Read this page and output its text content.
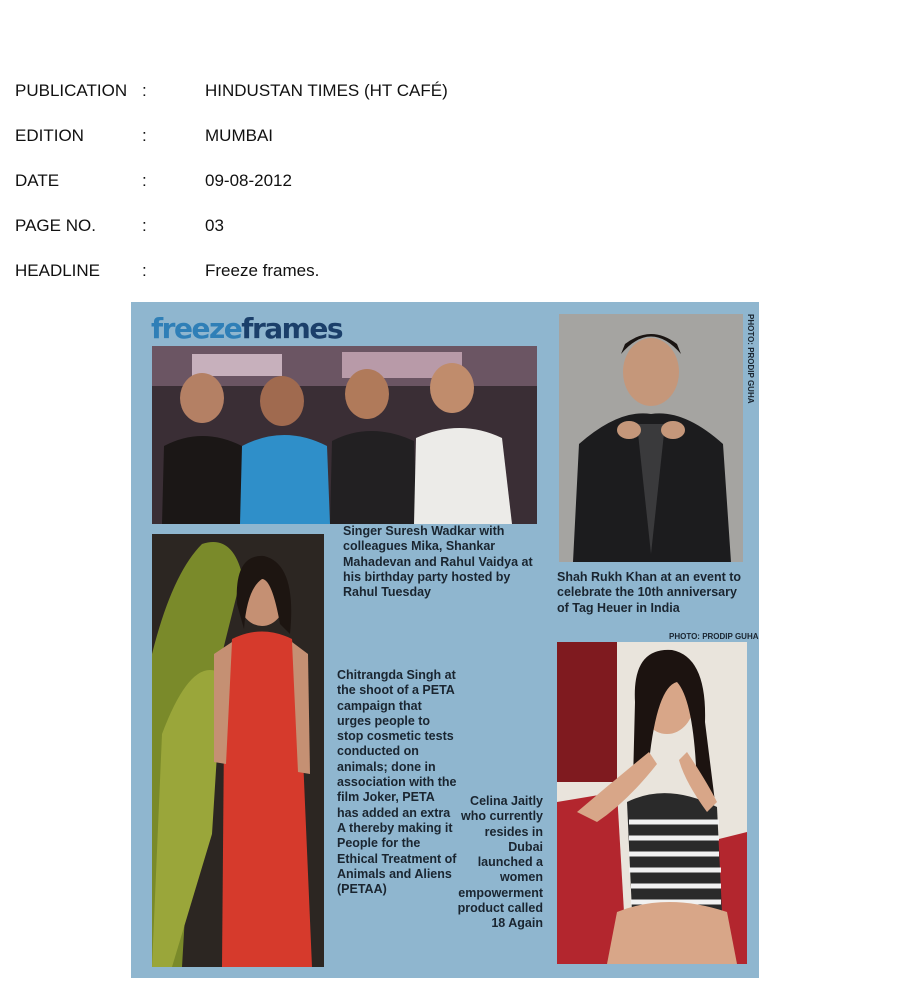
PUBLICATION :	HINDUSTAN TIMES (HT CAFÉ)
EDITION	:	MUMBAI
DATE	:	09-08-2012
PAGE NO.	:	03
HEADLINE :	Freeze frames.
freezeframes	PHOTO: PRODIP GUHA
Singer Suresh Wadkar with colleagues Mika, Shankar Mahadevan and Rahul Vaidya at his birthday party hosted by Rahul Tuesday
Shah Rukh Khan at an event to celebrate the 10th anniversary of Tag Heuer in India
Chitrangda Singh at the shoot of a PETA campaign that urges people to stop cosmetic tests conducted on animals; done in association with the film Joker, PETA has added an extra A thereby making it People for the Ethical Treatment of Animals and Aliens (PETAA)
Celina Jaitly who currently resides in Dubai launched a women empowerment product called 18 Again
PHOTO: PRODIP GUHA
